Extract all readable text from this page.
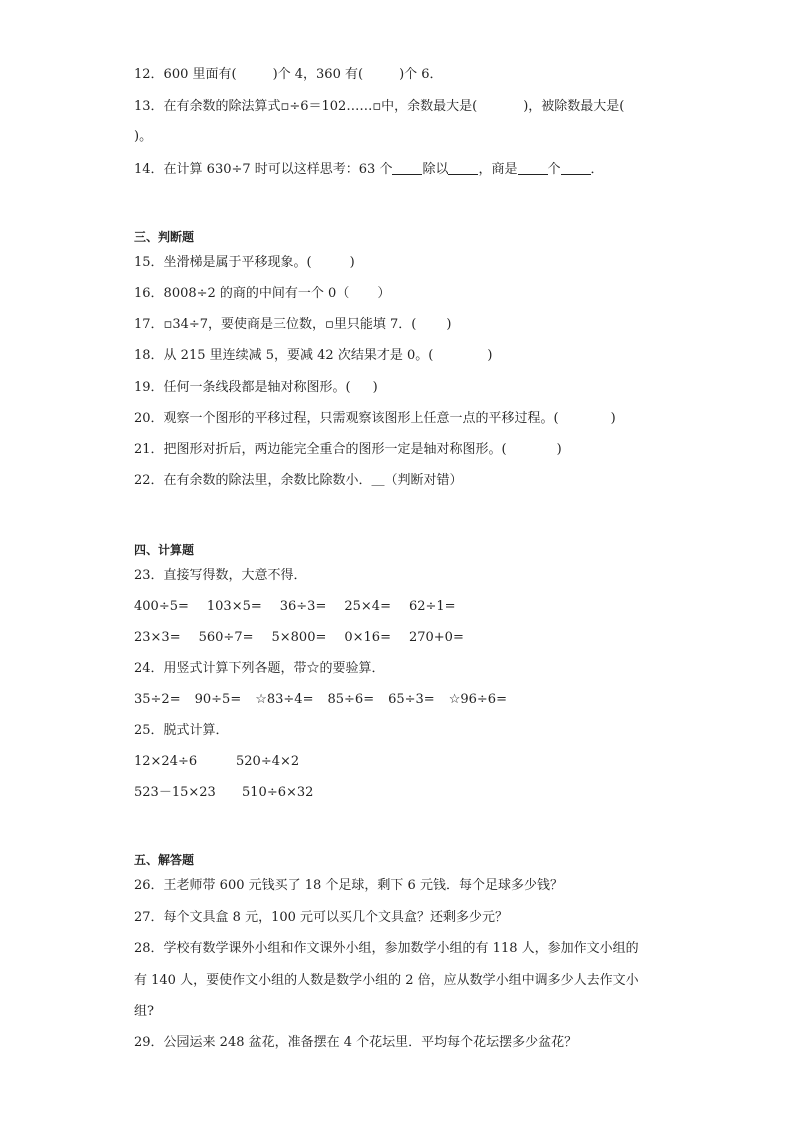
12．600 里面有(	)个 4，360 有(	)个 6．
13．在有余数的除法算式▫÷6＝102……▫中，余数最大是(	)，被除数最大是(
)。
14．在计算 630÷7 时可以这样思考：63 个 除以 ，商是 个 ．
三、判断题
15．坐滑梯是属于平移现象。(	)
16．8008÷2 的商的中间有一个 0（ ）
17．▫34÷7，要使商是三位数，▫里只能填 7．( )
18．从 215 里连续减 5，要减 42 次结果才是 0。(	)
19．任何一条线段都是轴对称图形。( )
20．观察一个图形的平移过程，只需观察该图形上任意一点的平移过程。(	)
21．把图形对折后，两边能完全重合的图形一定是轴对称图形。(	)
22．在有余数的除法里，余数比除数小．＿（判断对错）
四、计算题
23．直接写得数，大意不得．
400÷5= 103×5= 36÷3= 25×4= 62÷1=
23×3= 560÷7= 5×800= 0×16= 270+0=
24．用竖式计算下列各题，带☆的要验算．
35÷2= 90÷5= ☆83÷4= 85÷6= 65÷3= ☆96÷6=
25．脱式计算．
12×24÷6	520÷4×2
523－15×23 510÷6×32
五、解答题
26．王老师带 600 元钱买了 18 个足球，剩下 6 元钱．每个足球多少钱？
27．每个文具盒 8 元，100 元可以买几个文具盒？还剩多少元？
28．学校有数学课外小组和作文课外小组，参加数学小组的有 118 人，参加作文小组的
有 140 人，要使作文小组的人数是数学小组的 2 倍，应从数学小组中调多少人去作文小
组?
29．公园运来 248 盆花，准备摆在 4 个花坛里．平均每个花坛摆多少盆花？
